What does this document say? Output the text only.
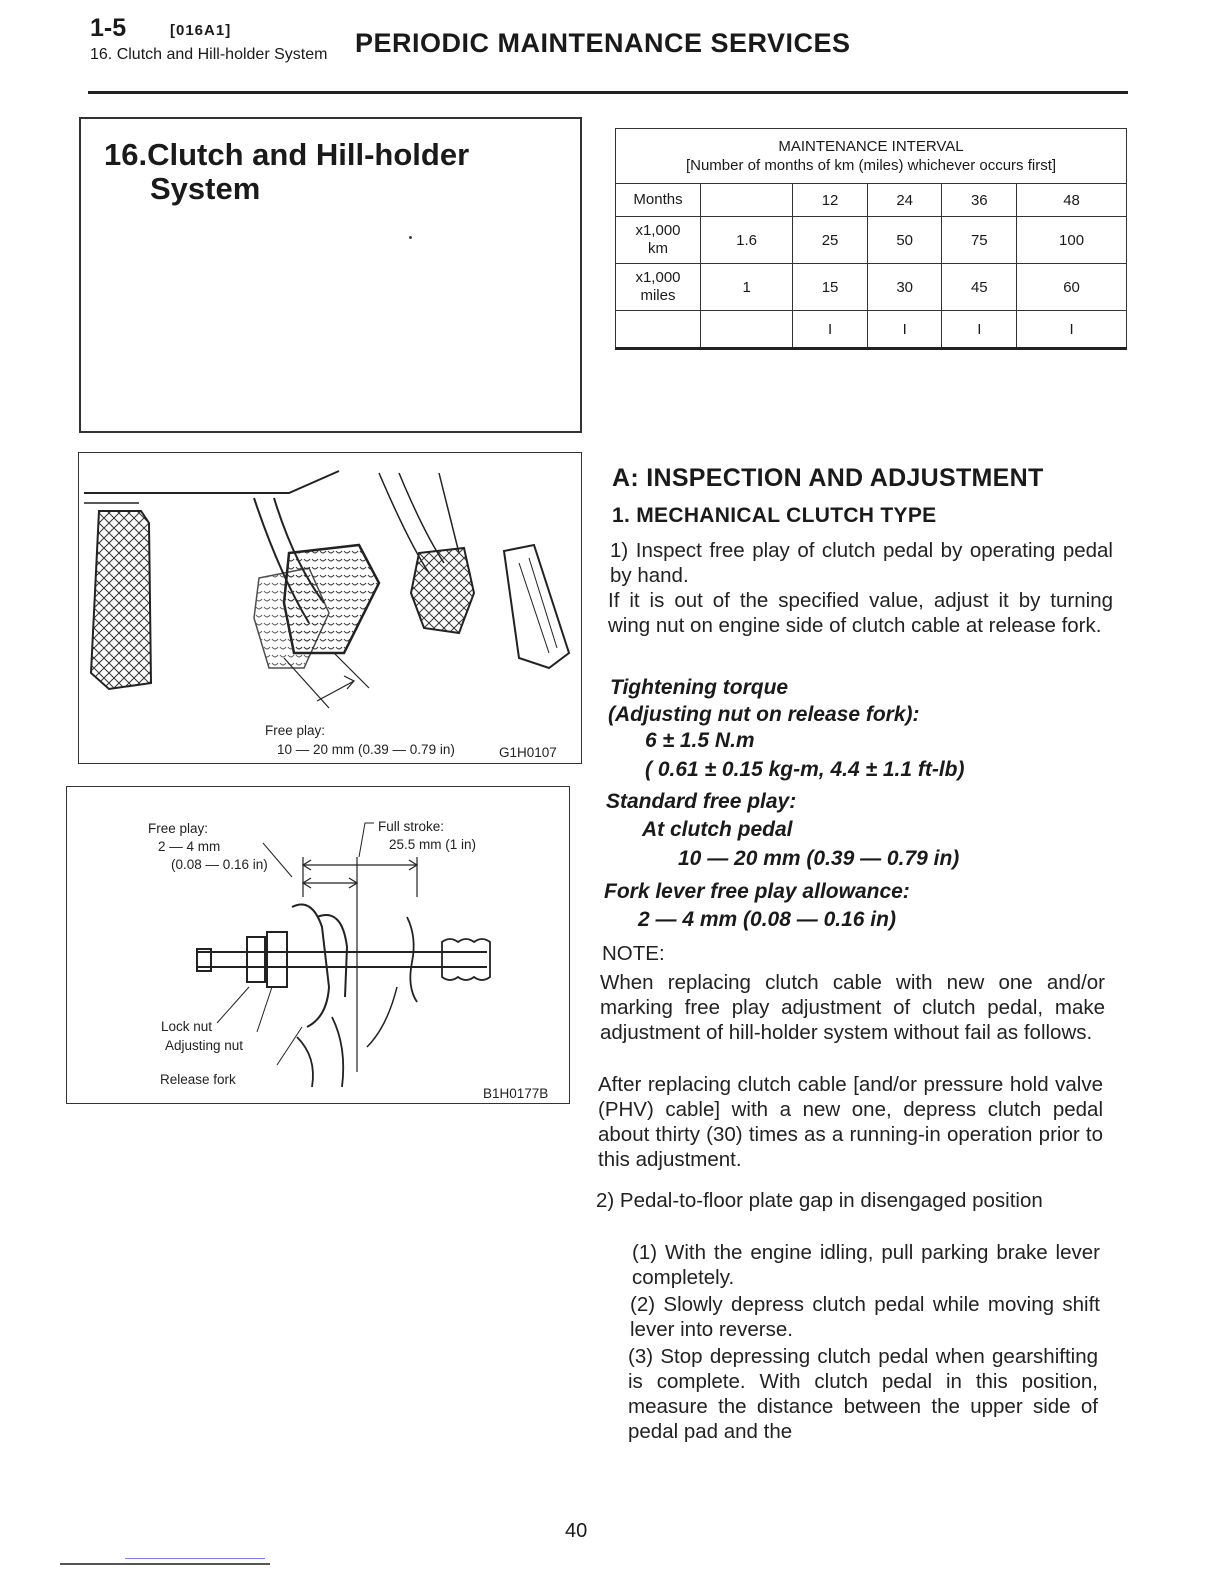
1-5	[016A1]	PERIODIC MAINTENANCE SERVICES
16. Clutch and Hill-holder System
16.Clutch and Hill-holder
System
MAINTENANCE INTERVAL
[Number of months of km (miles) whichever occurs first]					

Months		12	24	36	48

x1,000
km	1.6	25	50	75	100

x1,000
miles	1	15	30	45	60
		I	I	I	I
Free play:
10 — 20 mm (0.39 — 0.79 in)	G1H0107
Free play:
2 — 4 mm
(0.08 — 0.16 in)
Full stroke:
25.5 mm (1 in)
Lock nut
Adjusting nut
Release fork
B1H0177B
A: INSPECTION AND ADJUSTMENT
1. MECHANICAL CLUTCH TYPE
1) Inspect free play of clutch pedal by operating pedal by hand.
If it is out of the specified value, adjust it by turning wing nut on engine side of clutch cable at release fork.
Tightening torque
(Adjusting nut on release fork):
6 ± 1.5 N.m
( 0.61 ± 0.15 kg-m, 4.4 ± 1.1 ft-lb)
Standard free play:
At clutch pedal
10 — 20 mm (0.39 — 0.79 in)
Fork lever free play allowance:
2 — 4 mm (0.08 — 0.16 in)
NOTE:
When replacing clutch cable with new one and/or marking free play adjustment of clutch pedal, make adjustment of hill-holder system without fail as follows.
After replacing clutch cable [and/or pressure hold valve (PHV) cable] with a new one, depress clutch pedal about thirty (30) times as a running-in operation prior to this adjustment.
2) Pedal-to-floor plate gap in disengaged position
(1) With the engine idling, pull parking brake lever completely.
(2) Slowly depress clutch pedal while moving shift lever into reverse.
(3) Stop depressing clutch pedal when gearshifting is complete. With clutch pedal in this position, measure the distance between the upper side of pedal pad and the
40
